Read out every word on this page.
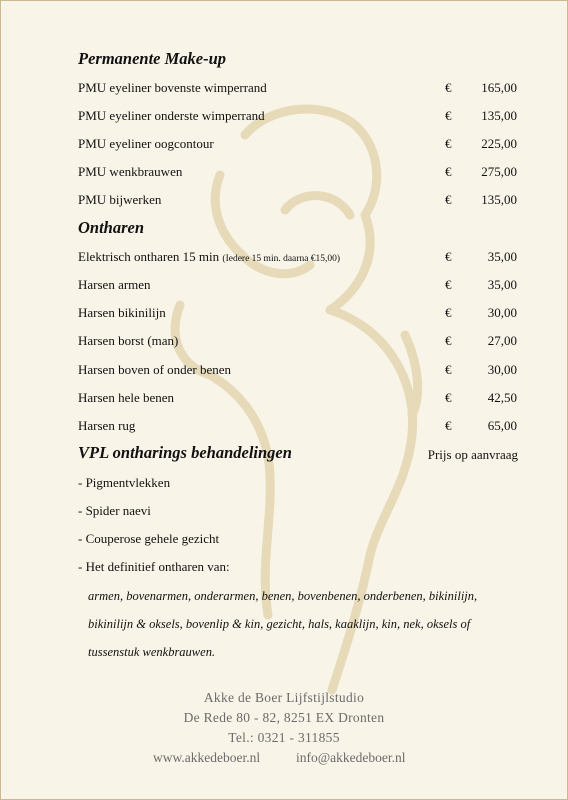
Permanente Make-up
PMU eyeliner bovenste wimperrand	€ 165,00
PMU eyeliner onderste wimperrand	€ 135,00
PMU eyeliner oogcontour	€ 225,00
PMU wenkbrauwen	€ 275,00
PMU bijwerken	€ 135,00
Ontharen
Elektrisch ontharen 15 min (Iedere 15 min. daarna €15,00)	€	35,00
Harsen armen	€	35,00
Harsen bikinilijn	€	30,00
Harsen borst (man)	€	27,00
Harsen boven of onder benen	€	30,00
Harsen hele benen	€	42,50
Harsen rug	€	65,00
VPL ontharings behandelingen	Prijs op aanvraag
- Pigmentvlekken
- Spider naevi
- Couperose gehele gezicht
- Het definitief ontharen van:
armen, bovenarmen, onderarmen, benen, bovenbenen, onderbenen, bikinilijn,
bikinilijn & oksels, bovenlip & kin, gezicht, hals, kaaklijn, kin, nek, oksels of
tussenstuk wenkbrauwen.
Akke de Boer Lijfstijlstudio
De Rede 80 - 82, 8251 EX Dronten
Tel.: 0321 - 311855
www.akkedeboer.nl	info@akkedeboer.nl
